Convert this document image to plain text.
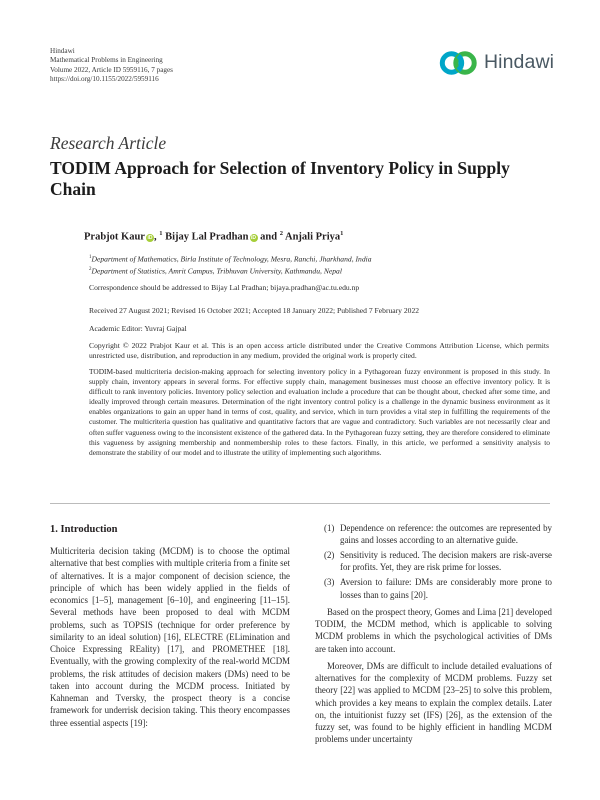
Hindawi
Mathematical Problems in Engineering
Volume 2022, Article ID 5959116, 7 pages
https://doi.org/10.1155/2022/5959116
Hindawi
Research Article
TODIM Approach for Selection of Inventory Policy in Supply Chain
Prabjot Kaur iD , $^1$ Bijay Lal Pradhan iD and $^2$ Anjali Priya$^1$
$^1$Department of Mathematics, Birla Institute of Technology, Mesra, Ranchi, Jharkhand, India
$^2$Department of Statistics, Amrit Campus, Tribhuvan University, Kathmandu, Nepal
Correspondence should be addressed to Bijay Lal Pradhan; bijaya.pradhan@ac.tu.edu.np
Received 27 August 2021; Revised 16 October 2021; Accepted 18 January 2022; Published 7 February 2022
Academic Editor: Yuvraj Gajpal
Copyright © 2022 Prabjot Kaur et al. This is an open access article distributed under the Creative Commons Attribution License, which permits unrestricted use, distribution, and reproduction in any medium, provided the original work is properly cited.

TODIM-based multicriteria decision-making approach for selecting inventory policy in a Pythagorean fuzzy environment is proposed in this study. In supply chain, inventory appears in several forms. For effective supply chain, management businesses must choose an effective inventory policy. It is difficult to rank inventory policies. Inventory policy selection and evaluation include a procedure that can be thought about, checked after some time, and ideally improved through certain measures. Determination of the right inventory control policy is a challenge in the dynamic business environment as it enables organizations to gain an upper hand in terms of cost, quality, and service, which in turn provides a vital step in fulfilling the requirements of the customer. The multicriteria question has qualitative and quantitative factors that are vague and contradictory. Such variables are not necessarily clear and often suffer vagueness owing to the inconsistent existence of the gathered data. In the Pythagorean fuzzy setting, they are therefore considered to eliminate this vagueness by assigning membership and nonmembership roles to these factors. Finally, in this article, we performed a sensitivity analysis to demonstrate the stability of our model and to illustrate the utility of implementing such algorithms.

1. Introduction

Multicriteria decision taking (MCDM) is to choose the optimal alternative that best complies with multiple criteria from a finite set of alternatives. It is a major component of decision science, the principle of which has been widely applied in the fields of economics [1–5], management [6–10], and engineering [11–15]. Several methods have been proposed to deal with MCDM problems, such as TOPSIS (technique for order preference by similarity to an ideal solution) [16], ELECTRE (ELimination and Choice Expressing REality) [17], and PROMETHEE [18]. Eventually, with the growing complexity of the real-world MCDM problems, the risk attitudes of decision makers (DMs) need to be taken into account during the MCDM process. Initiated by Kahneman and Tversky, the prospect theory is a concise framework for underrisk decision taking. This theory encompasses three essential aspects [19]:

(1) Dependence on reference: the outcomes are represented by gains and losses according to an alternative guide.
(2) Sensitivity is reduced. The decision makers are risk-averse for profits. Yet, they are risk prime for losses.
(3) Aversion to failure: DMs are considerably more prone to losses than to gains [20].

Based on the prospect theory, Gomes and Lima [21] developed TODIM, the MCDM method, which is applicable to solving MCDM problems in which the psychological activities of DMs are taken into account.

Moreover, DMs are difficult to include detailed evaluations of alternatives for the complexity of MCDM problems. Fuzzy set theory [22] was applied to MCDM [23–25] to solve this problem, which provides a key means to explain the complex details. Later on, the intuitionist fuzzy set (IFS) [26], as the extension of the fuzzy set, was found to be highly efficient in handling MCDM problems under uncertainty
